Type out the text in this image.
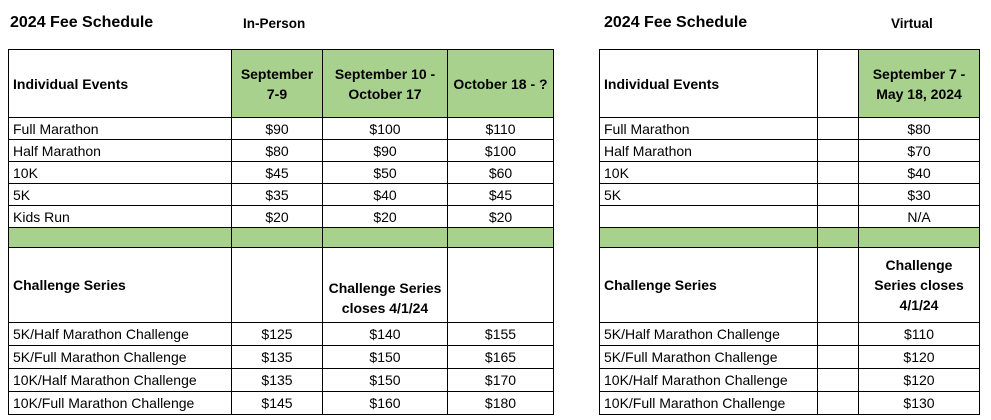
2024 Fee Schedule	In-Person	2024 Fee Schedule	Virtual
Individual Events	September 7-9	September 10 - October 17	October 18 - ?
Full Marathon	$90	$100	$110
Half Marathon	$80	$90	$100
10K	$45	$50	$60
5K	$35	$40	$45
Kids Run	$20	$20	$20

Challenge Series		Challenge Series closes 4/1/24	
5K/Half Marathon Challenge	$125	$140	$155
5K/Full Marathon Challenge	$135	$150	$165
10K/Half Marathon Challenge	$135	$150	$170
10K/Full Marathon Challenge	$145	$160	$180
Individual Events		September 7 - May 18, 2024
Full Marathon		$80
Half Marathon		$70
10K		$40
5K		$30
		N/A

Challenge Series		Challenge Series closes 4/1/24
5K/Half Marathon Challenge		$110
5K/Full Marathon Challenge		$120
10K/Half Marathon Challenge		$120
10K/Full Marathon Challenge		$130
